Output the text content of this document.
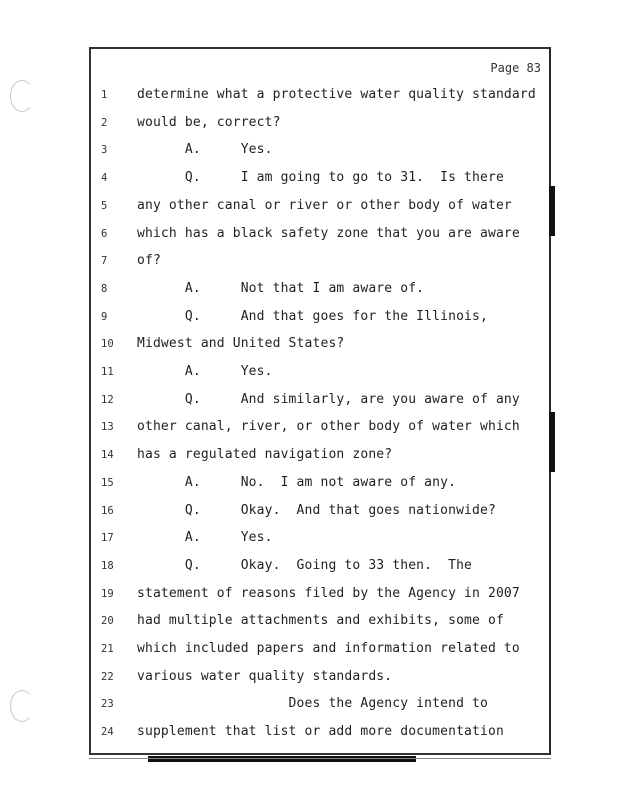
Page 83
1	determine what a protective water quality standard
2	would be, correct?
3	A.     Yes.
4	Q.     I am going to go to 31.  Is there
5	any other canal or river or other body of water
6	which has a black safety zone that you are aware
7	of?
8	A.     Not that I am aware of.
9	Q.     And that goes for the Illinois,
10	Midwest and United States?
11	A.     Yes.
12	Q.     And similarly, are you aware of any
13	other canal, river, or other body of water which
14	has a regulated navigation zone?
15	A.     No.  I am not aware of any.
16	Q.     Okay.  And that goes nationwide?
17	A.     Yes.
18	Q.     Okay.  Going to 33 then.  The
19	statement of reasons filed by the Agency in 2007
20	had multiple attachments and exhibits, some of
21	which included papers and information related to
22	various water quality standards.
23	Does the Agency intend to
24	supplement that list or add more documentation
